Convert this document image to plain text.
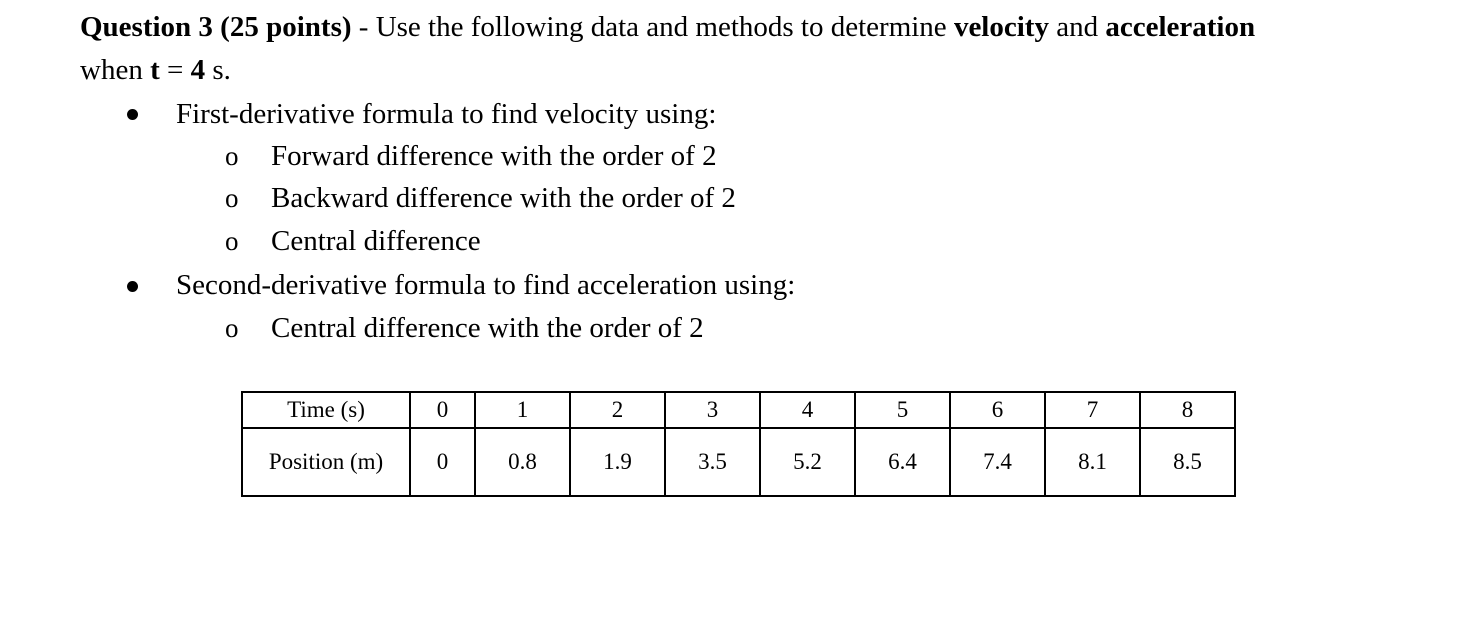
Question 3 (25 points) - Use the following data and methods to determine velocity and acceleration
when t = 4 s.
First-derivative formula to find velocity using:
o Forward difference with the order of 2
o Backward difference with the order of 2
o Central difference
Second-derivative formula to find acceleration using:
o Central difference with the order of 2
Time (s)	0	1	2	3	4	5	6	7	8
Position (m)	0	0.8	1.9	3.5	5.2	6.4	7.4	8.1	8.5
